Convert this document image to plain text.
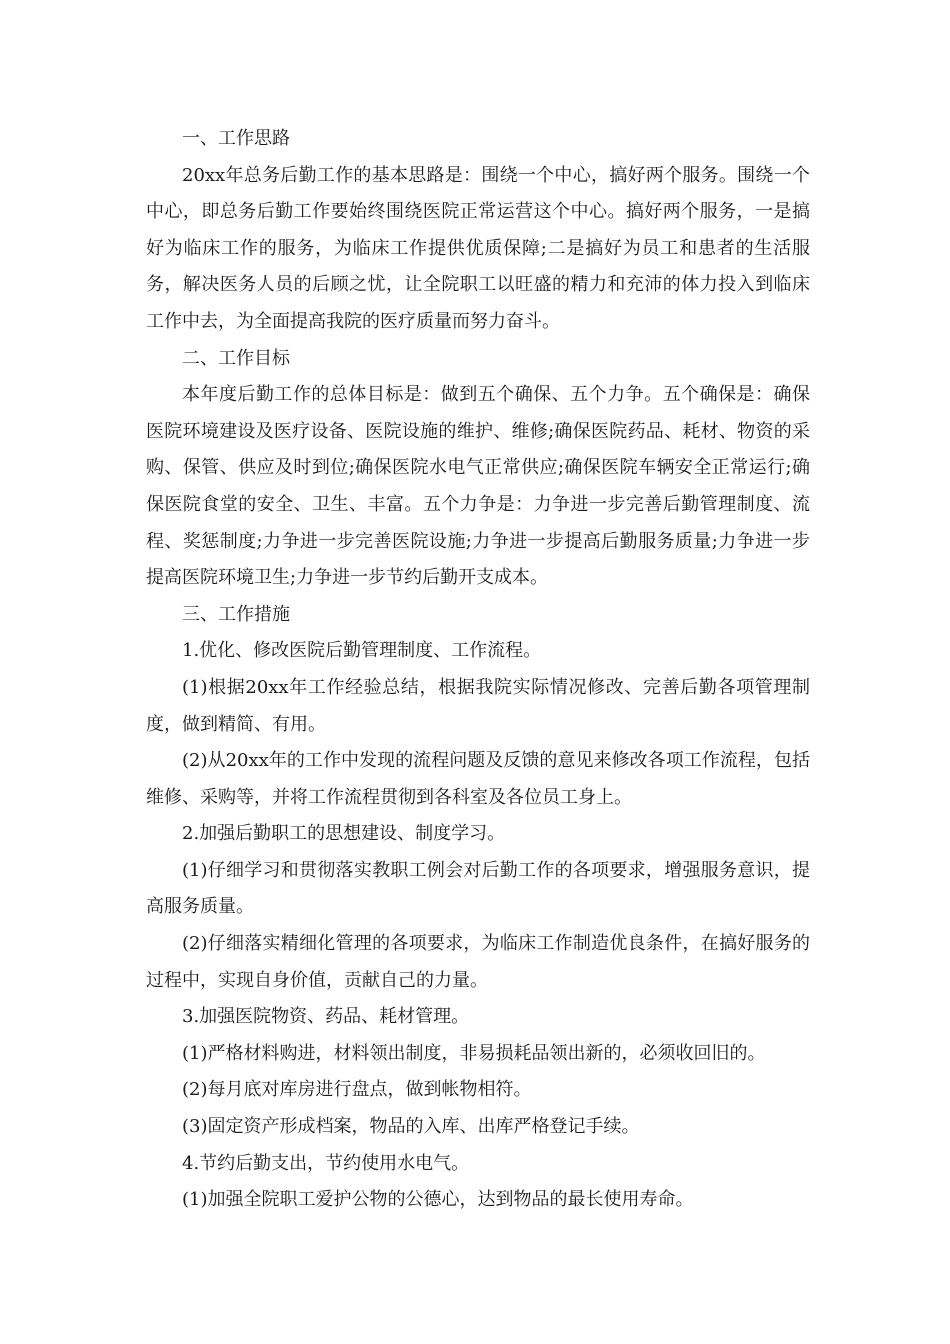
一、工作思路

20xx年总务后勤工作的基本思路是：围绕一个中心，搞好两个服务。围绕一个中心，即总务后勤工作要始终围绕医院正常运营这个中心。搞好两个服务，一是搞好为临床工作的服务，为临床工作提供优质保障;二是搞好为员工和患者的生活服务，解决医务人员的后顾之忧，让全院职工以旺盛的精力和充沛的体力投入到临床工作中去，为全面提高我院的医疗质量而努力奋斗。

二、工作目标

本年度后勤工作的总体目标是：做到五个确保、五个力争。五个确保是：确保医院环境建设及医疗设备、医院设施的维护、维修;确保医院药品、耗材、物资的采购、保管、供应及时到位;确保医院水电气正常供应;确保医院车辆安全正常运行;确保医院食堂的安全、卫生、丰富。五个力争是：力争进一步完善后勤管理制度、流程、奖惩制度;力争进一步完善医院设施;力争进一步提高后勤服务质量;力争进一步提高医院环境卫生;力争进一步节约后勤开支成本。

三、工作措施

1.优化、修改医院后勤管理制度、工作流程。

(1)根据20xx年工作经验总结，根据我院实际情况修改、完善后勤各项管理制度，做到精简、有用。

(2)从20xx年的工作中发现的流程问题及反馈的意见来修改各项工作流程，包括维修、采购等，并将工作流程贯彻到各科室及各位员工身上。

2.加强后勤职工的思想建设、制度学习。

(1)仔细学习和贯彻落实教职工例会对后勤工作的各项要求，增强服务意识，提高服务质量。

(2)仔细落实精细化管理的各项要求，为临床工作制造优良条件，在搞好服务的过程中，实现自身价值，贡献自己的力量。

3.加强医院物资、药品、耗材管理。

(1)严格材料购进，材料领出制度，非易损耗品领出新的，必须收回旧的。

(2)每月底对库房进行盘点，做到帐物相符。

(3)固定资产形成档案，物品的入库、出库严格登记手续。

4.节约后勤支出，节约使用水电气。

(1)加强全院职工爱护公物的公德心，达到物品的最长使用寿命。
